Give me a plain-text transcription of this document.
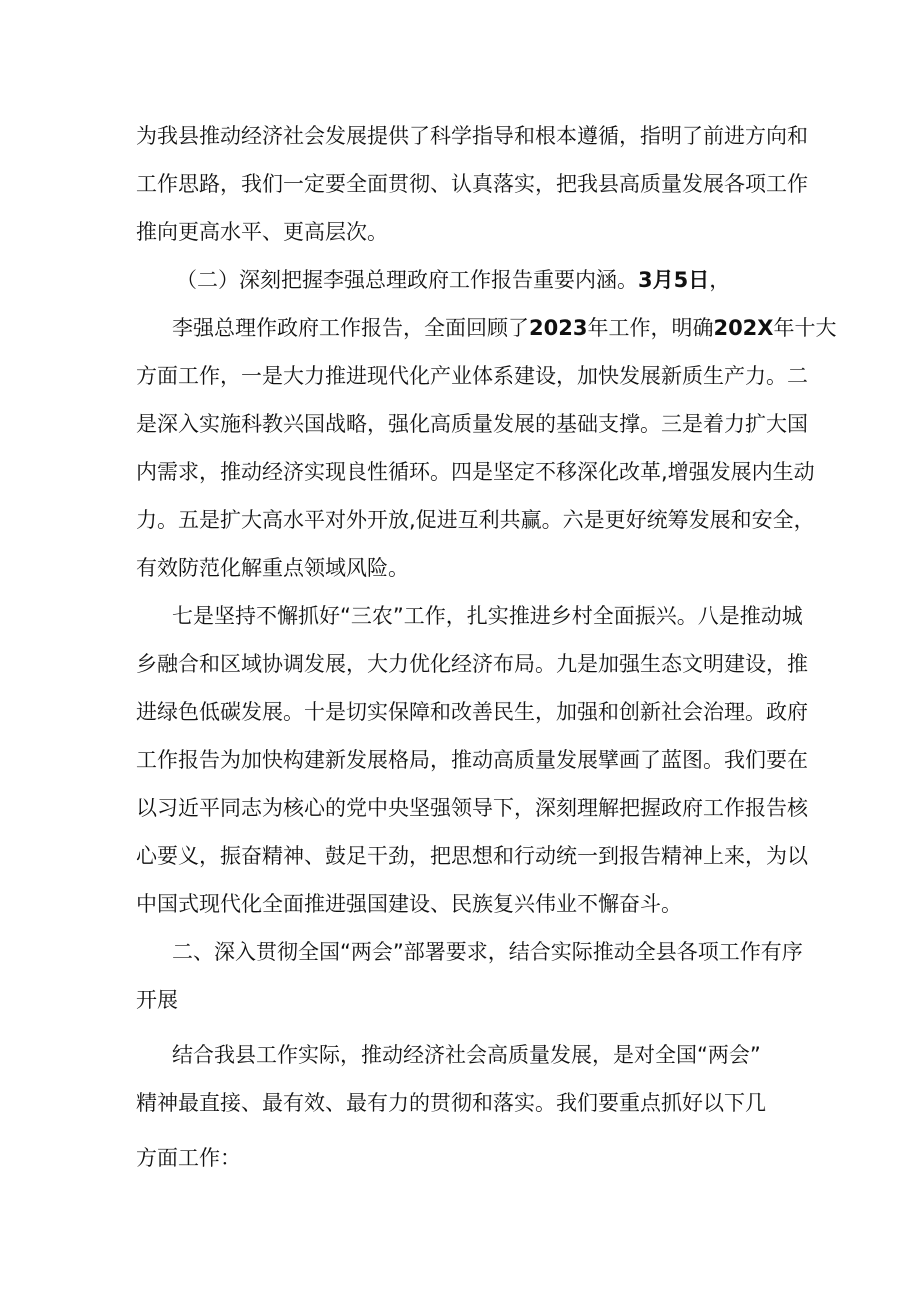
为我县推动经济社会发展提供了科学指导和根本遵循，指明了前进方向和
工作思路，我们一定要全面贯彻、认真落实，把我县高质量发展各项工作
推向更高水平、更高层次。
（二）深刻把握李强总理政府工作报告重要内涵。3月5日，
李强总理作政府工作报告，全面回顾了2023年工作，明确202X年十大
方面工作，一是大力推进现代化产业体系建设，加快发展新质生产力。二
是深入实施科教兴国战略，强化高质量发展的基础支撑。三是着力扩大国
内需求，推动经济实现良性循环。四是坚定不移深化改革,增强发展内生动
力。五是扩大高水平对外开放,促进互利共赢。六是更好统筹发展和安全，
有效防范化解重点领域风险。
七是坚持不懈抓好“三农”工作，扎实推进乡村全面振兴。八是推动城
乡融合和区域协调发展，大力优化经济布局。九是加强生态文明建设，推
进绿色低碳发展。十是切实保障和改善民生，加强和创新社会治理。政府
工作报告为加快构建新发展格局，推动高质量发展擘画了蓝图。我们要在
以习近平同志为核心的党中央坚强领导下，深刻理解把握政府工作报告核
心要义，振奋精神、鼓足干劲，把思想和行动统一到报告精神上来，为以
中国式现代化全面推进强国建设、民族复兴伟业不懈奋斗。
二、深入贯彻全国“两会”部署要求，结合实际推动全县各项工作有序
开展
结合我县工作实际，推动经济社会高质量发展，是对全国“两会”
精神最直接、最有效、最有力的贯彻和落实。我们要重点抓好以下几
方面工作：
